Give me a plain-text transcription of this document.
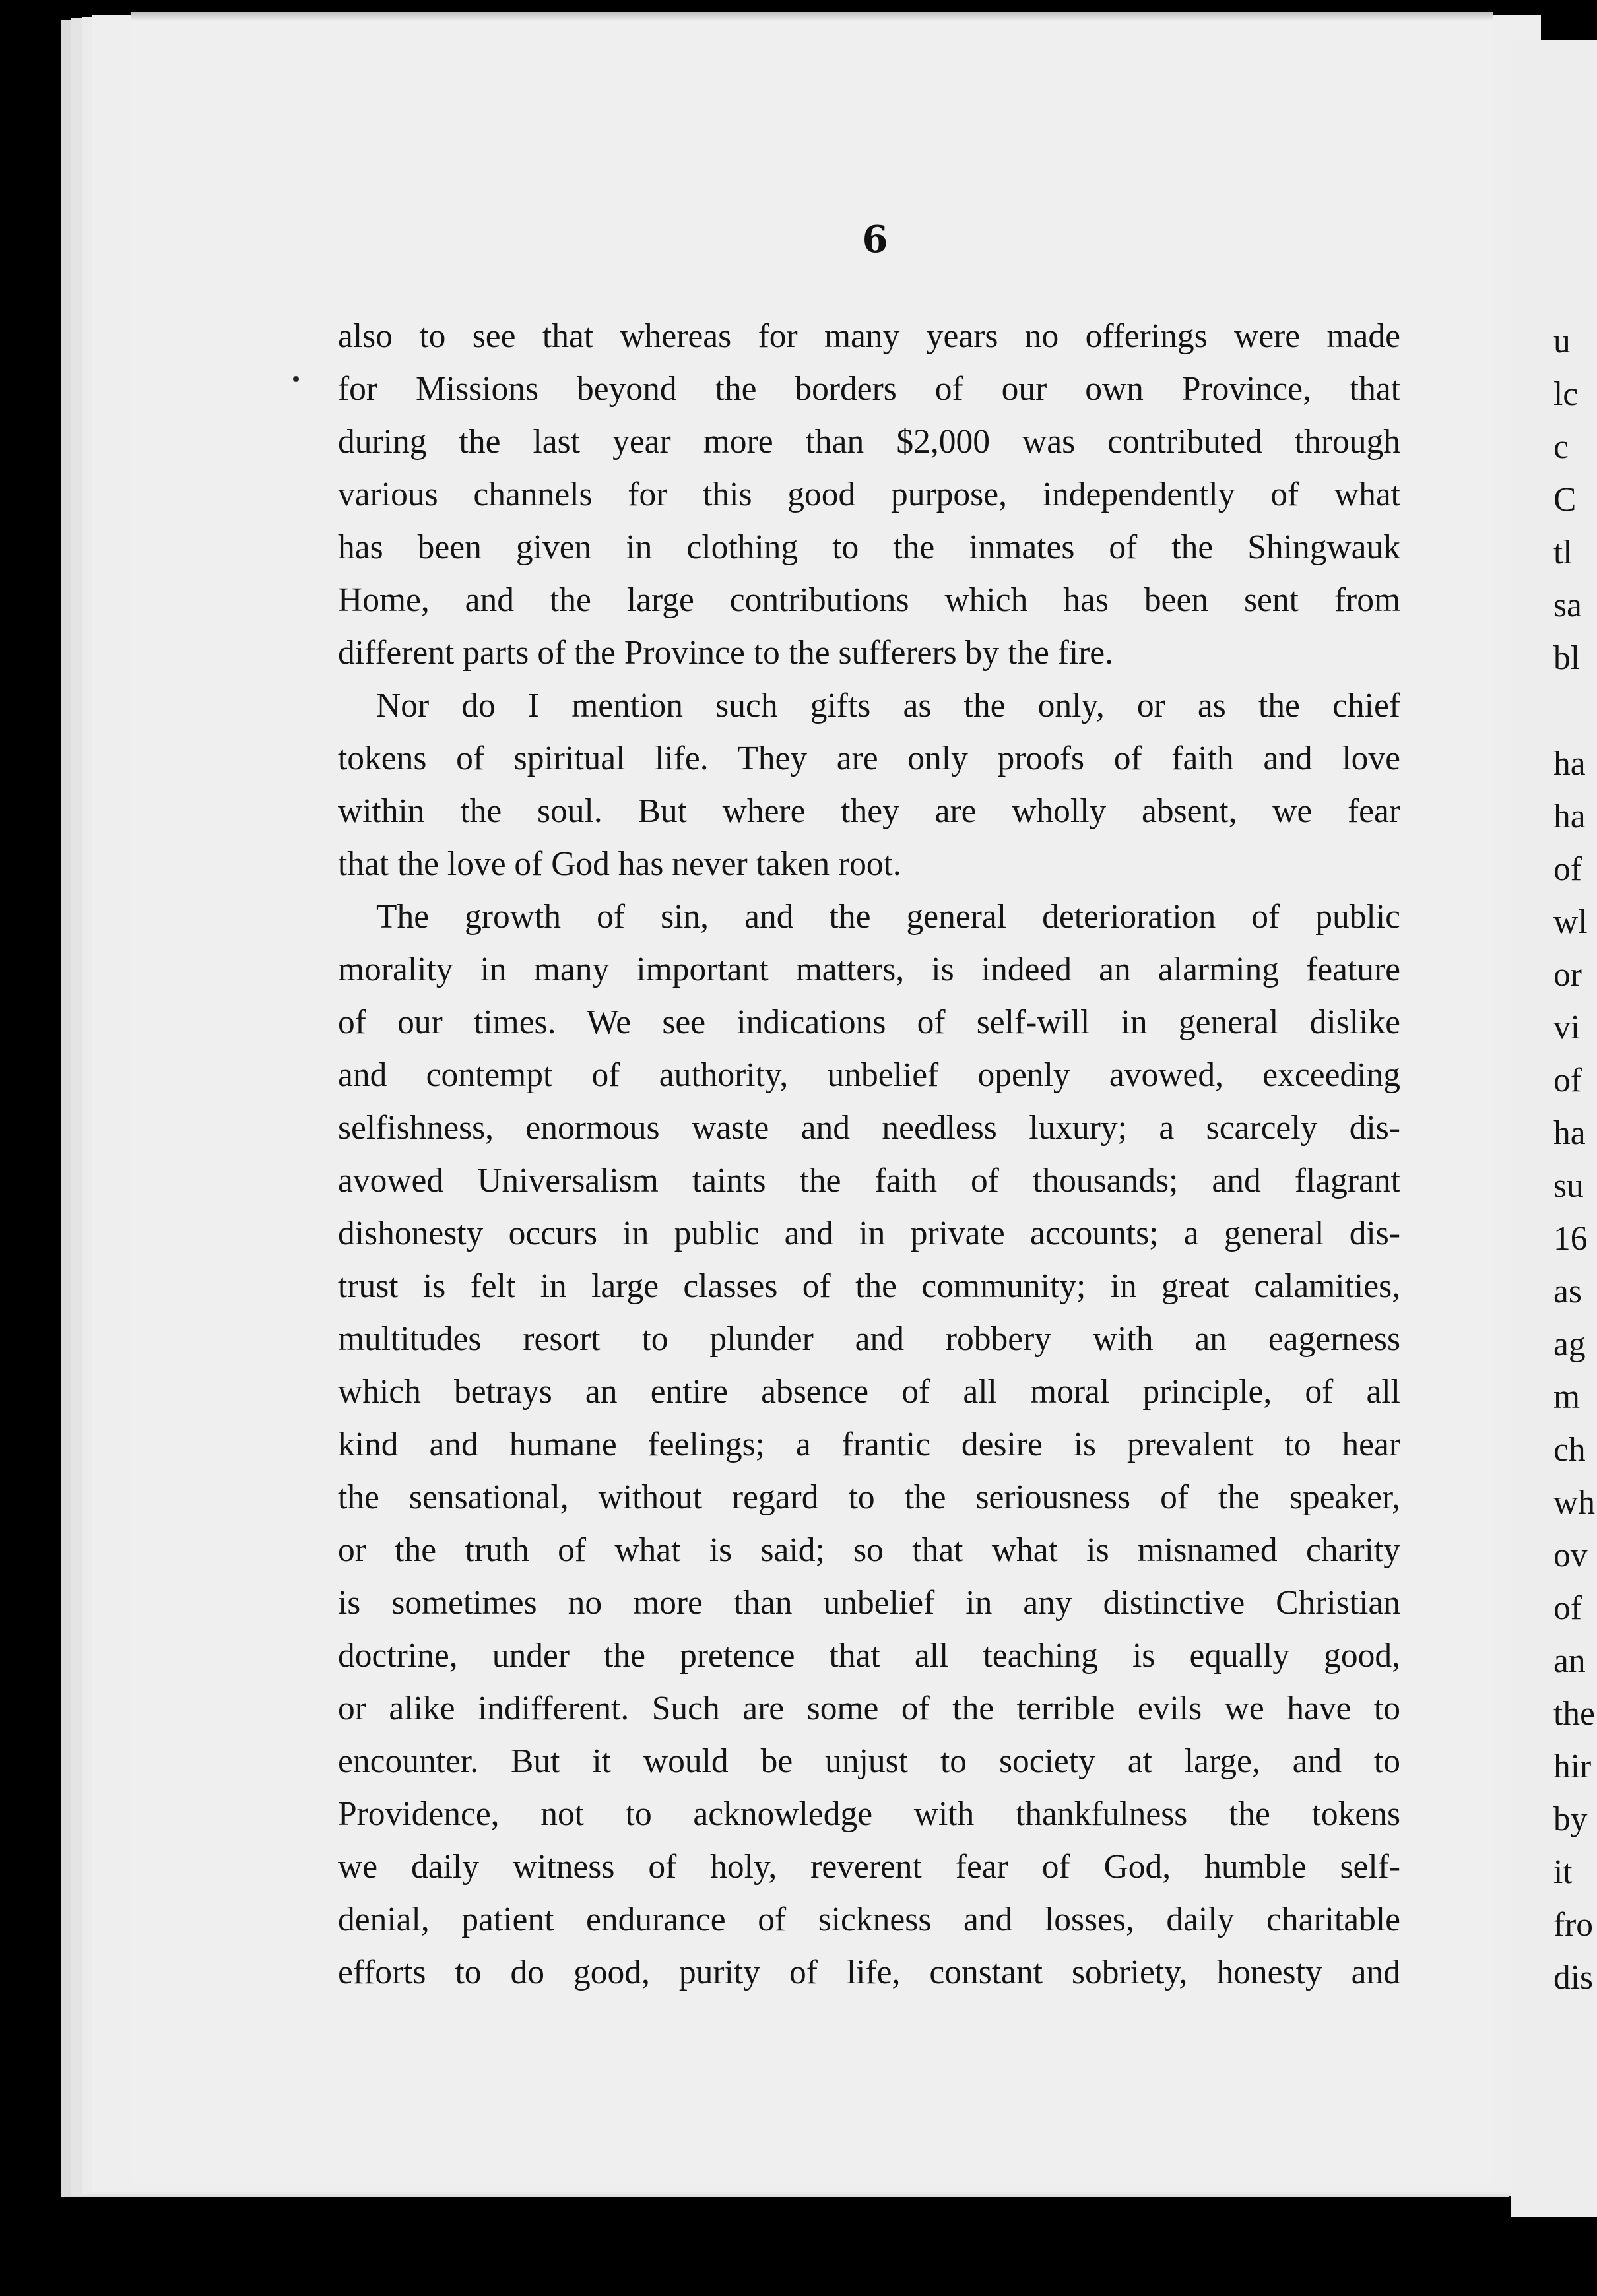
u
lc
c
C
tl
sa
bl
ha
ha
of
wl
or
vi
of
ha
su
16
as
ag
m
ch
wh
ov
of
an
the
hir
by
it
fro
dis
6
also to see that whereas for many years no offerings were made
for Missions beyond the borders of our own Province, that
during the last year more than $2,000 was contributed through
various channels for this good purpose, independently of what
has been given in clothing to the inmates of the Shingwauk
Home, and the large contributions which has been sent from
different parts of the Province to the sufferers by the fire.
Nor do I mention such gifts as the only, or as the chief
tokens of spiritual life. They are only proofs of faith and love
within the soul. But where they are wholly absent, we fear
that the love of God has never taken root.
The growth of sin, and the general deterioration of public
morality in many important matters, is indeed an alarming feature
of our times. We see indications of self-will in general dislike
and contempt of authority, unbelief openly avowed, exceeding
selfishness, enormous waste and needless luxury; a scarcely dis-
avowed Universalism taints the faith of thousands; and flagrant
dishonesty occurs in public and in private accounts; a general dis-
trust is felt in large classes of the community; in great calamities,
multitudes resort to plunder and robbery with an eagerness
which betrays an entire absence of all moral principle, of all
kind and humane feelings; a frantic desire is prevalent to hear
the sensational, without regard to the seriousness of the speaker,
or the truth of what is said; so that what is misnamed charity
is sometimes no more than unbelief in any distinctive Christian
doctrine, under the pretence that all teaching is equally good,
or alike indifferent. Such are some of the terrible evils we have to
encounter. But it would be unjust to society at large, and to
Providence, not to acknowledge with thankfulness the tokens
we daily witness of holy, reverent fear of God, humble self-
denial, patient endurance of sickness and losses, daily charitable
efforts to do good, purity of life, constant sobriety, honesty and
